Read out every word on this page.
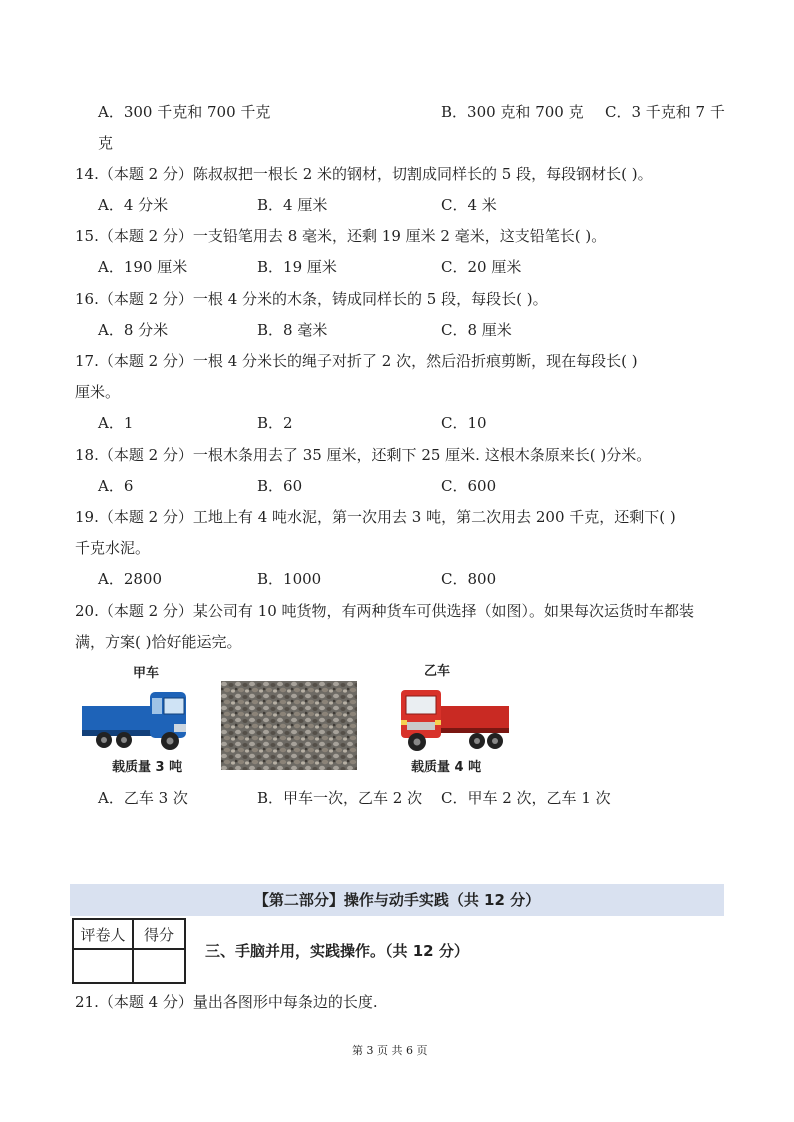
A．300 千克和 700 千克	B．300 克和 700 克 C．3 千克和 7 千
克
14.（本题 2 分）陈叔叔把一根长 2 米的钢材，切割成同样长的 5 段，每段钢材长( )。
A．4 分米	B．4 厘米	C．4 米
15.（本题 2 分）一支铅笔用去 8 毫米，还剩 19 厘米 2 毫米，这支铅笔长( )。
A．190 厘米	B．19 厘米	C．20 厘米
16.（本题 2 分）一根 4 分米的木条，铸成同样长的 5 段，每段长( )。
A．8 分米	B．8 毫米	C．8 厘米
17.（本题 2 分）一根 4 分米长的绳子对折了 2 次，然后沿折痕剪断，现在每段长( )
厘米。
A．1	B．2	C．10
18.（本题 2 分）一根木条用去了 35 厘米，还剩下 25 厘米. 这根木条原来长( )分米。
A．6	B．60	C．600
19.（本题 2 分）工地上有 4 吨水泥，第一次用去 3 吨，第二次用去 200 千克，还剩下( )
千克水泥。
A．2800	B．1000	C．800
20.（本题 2 分）某公司有 10 吨货物，有两种货车可供选择（如图）。如果每次运货时车都装
满，方案( )恰好能运完。
甲车
载质量 3 吨
乙车
载质量 4 吨
A．乙车 3 次	B．甲车一次，乙车 2 次 C．甲车 2 次，乙车 1 次
【第二部分】操作与动手实践（共 12 分）
评卷人	得分

三、手脑并用，实践操作。（共 12 分）
21.（本题 4 分）量出各图形中每条边的长度.
第 3 页 共 6 页
